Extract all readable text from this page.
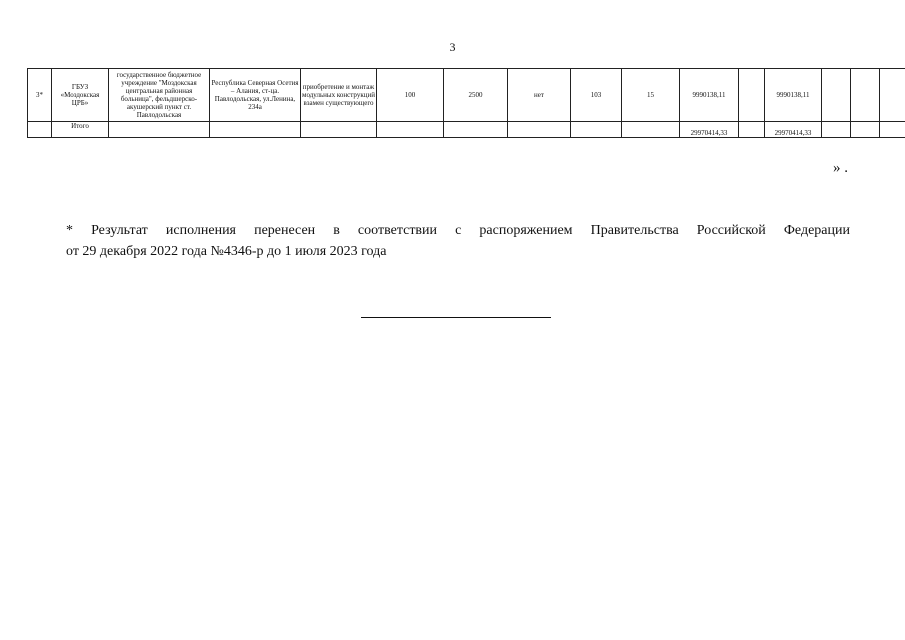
3
3*	ГБУЗ «Моздокская ЦРБ»	государственное бюджетное учреждение "Моздокская центральная районная больница", фельдшерско-акушерский пункт ст. Павлодольская	Республика Северная Осетия – Алания, ст-ца. Павлодольская, ул.Ленина, 234а	приобретение и монтаж модульных конструкций взамен существующего	100	2500	нет	103	15	9990138,11		9990138,11			
	Итого									29970414,33		29970414,33			
» .
* Результат исполнения перенесен в соответствии с распоряжением Правительства Российской Федерации
от 29 декабря 2022 года №4346-р до 1 июля 2023 года
